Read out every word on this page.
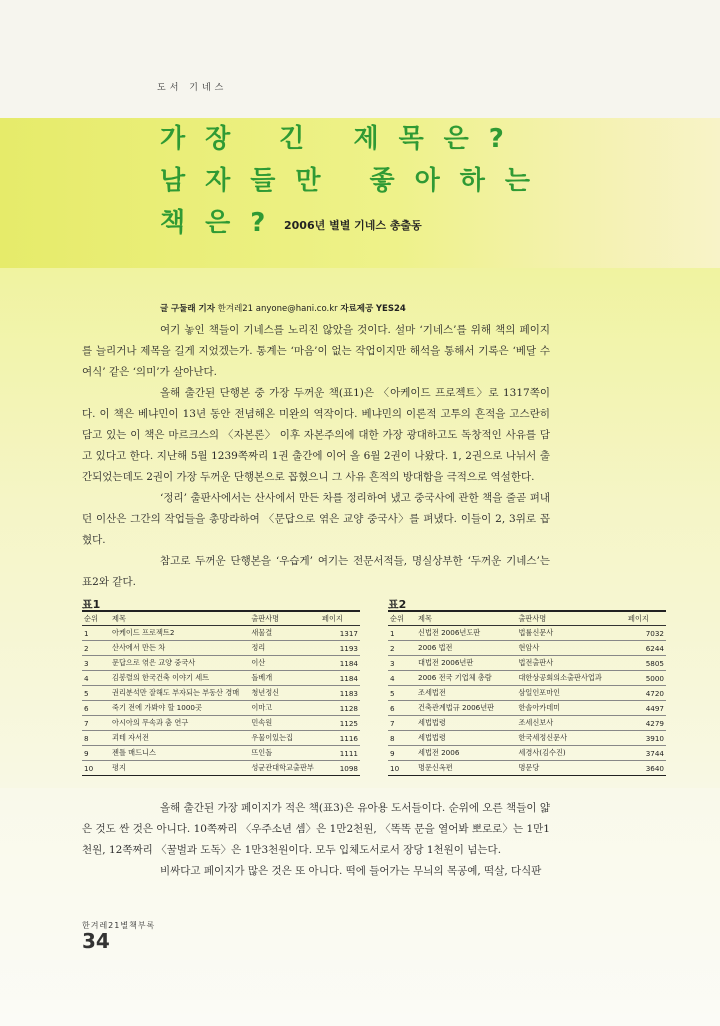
도서 기네스
가장 긴 제목은?
남자들만 좋아하는
책은?
2006년 별별 기네스 총출동
글 구둘래 기자 한겨레21 anyone@hani.co.kr 자료제공 YES24

여기 놓인 책들이 기네스를 노리진 않았을 것이다. 설마 ‘기네스’를 위해 책의 페이지를 늘리거나 제목을 길게 지었겠는가. 통계는 ‘마음’이 없는 작업이지만 해석을 통해서 기록은 ‘베달 수여식’ 같은 ‘의미’가 살아난다.

올해 출간된 단행본 중 가장 두꺼운 책(표1)은 〈아케이드 프로젝트〉로 1317쪽이다. 이 책은 베냐민이 13년 동안 전념해온 미완의 역작이다. 베냐민의 이론적 고투의 흔적을 고스란히 담고 있는 이 책은 마르크스의 〈자본론〉 이후 자본주의에 대한 가장 광대하고도 독창적인 사유를 담고 있다고 한다. 지난해 5월 1239쪽짜리 1권 출간에 이어 올 6월 2권이 나왔다. 1, 2권으로 나뉘서 출간되었는데도 2권이 가장 두꺼운 단행본으로 꼽혔으니 그 사유 흔적의 방대함을 극적으로 역설한다.

‘정리’ 출판사에서는 산사에서 만든 차를 정리하여 냈고 중국사에 관한 책을 줄곧 펴내던 이산은 그간의 작업들을 총망라하여 〈문답으로 엮은 교양 중국사〉를 펴냈다. 이들이 2, 3위로 꼽혔다.

참고로 두꺼운 단행본을 ‘우습게’ 여기는 전문서적들, 명실상부한 ‘두꺼운 기네스’는 표2와 같다.

표1
순위	제목	출판사명	페이지
1	아케이드 프로젝트2	새물결	1317
2	산사에서 만든 차	정리	1193
3	문답으로 엮은 교양 중국사	이산	1184
4	김봉렬의 한국건축 이야기 세트	돌베개	1184
5	권리분석만 잘해도 부자되는 부동산 경매	청년정신	1183
6	죽기 전에 가봐야 할 1000곳	이마고	1128
7	아시아의 무속과 춤 연구	민속원	1125
8	괴테 자서전	우물이있는집	1116
9	젠틀 매드니스	뜨인돌	1111
10	평지	성균관대학교출판부	1098
표2
순위	제목	출판사명	페이지
1	신법전 2006년도판	법률신문사	7032
2	2006 법전	현암사	6244
3	대법전 2006년판	법전출판사	5805
4	2006 전국 기업체 총람	대한상공회의소출판사업과	5000
5	조세법전	삼일인포마인	4720
6	건축관계법규 2006년판	한솔아카데미	4497
7	세법법령	조세신보사	4279
8	세법법령	한국세정신문사	3910
9	세법전 2006	세경사(김수진)	3744
10	명문신옥편	명문당	3640

올해 출간된 가장 페이지가 적은 책(표3)은 유아용 도서들이다. 순위에 오른 책들이 얇은 것도 싼 것은 아니다. 10쪽짜리 〈우주소년 셈〉은 1만2천원, 〈똑똑 문을 열어봐 뽀로로〉는 1만1천원, 12쪽짜리 〈꿀벌과 도독〉은 1만3천원이다. 모두 입체도서로서 장당 1천원이 넘는다.

비싸다고 페이지가 많은 것은 또 아니다. 떡에 들어가는 무늬의 목공예, 떡살, 다식판

한겨레21별책부록
34
